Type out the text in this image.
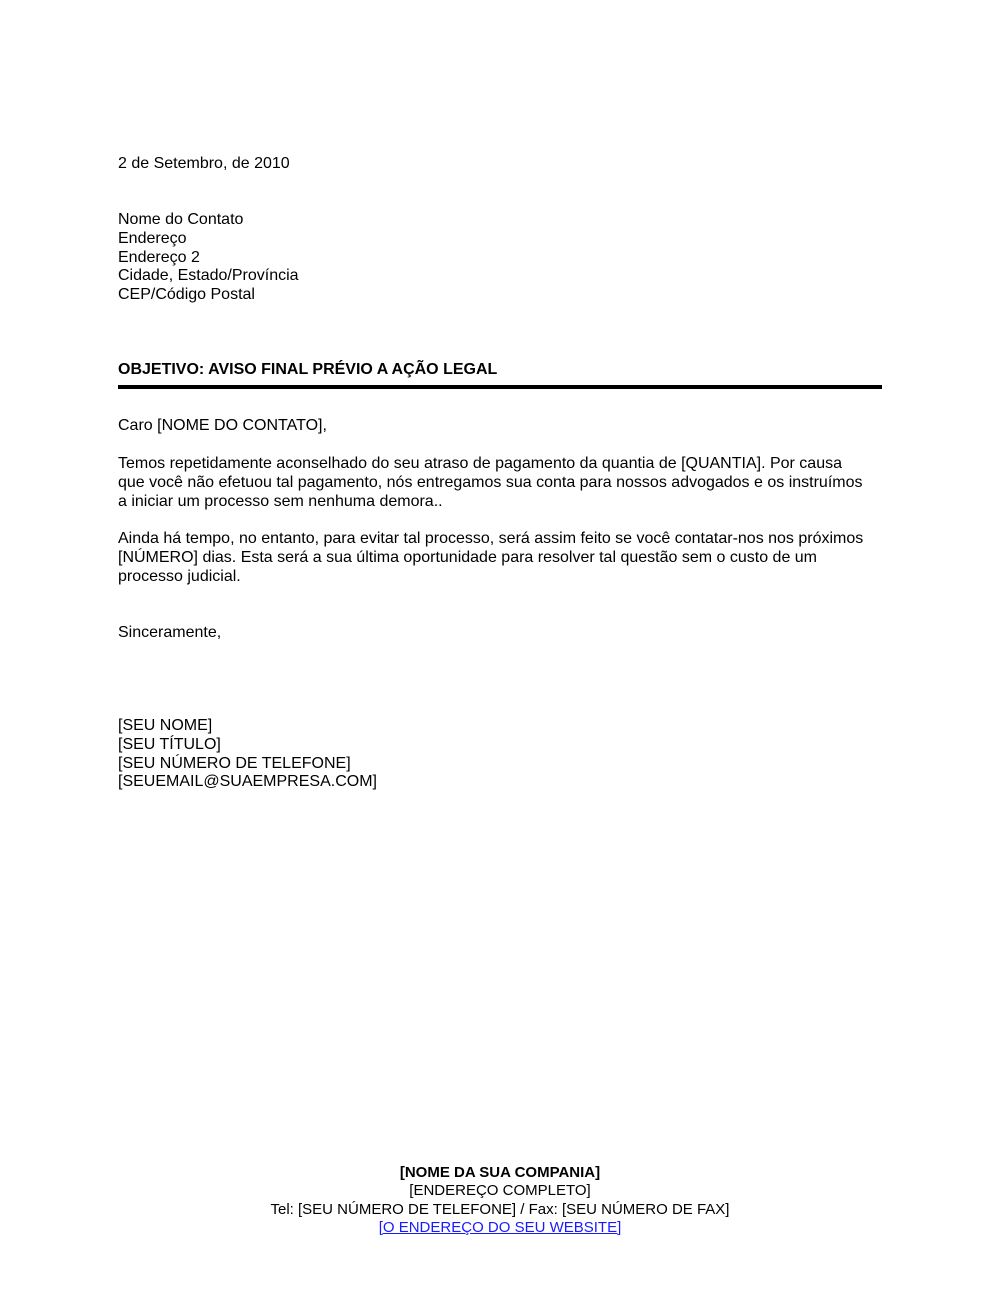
2 de Setembro, de 2010
Nome do Contato
Endereço
Endereço 2
Cidade, Estado/Província
CEP/Código Postal
OBJETIVO: AVISO FINAL PRÉVIO A AÇÃO LEGAL
Caro [NOME DO CONTATO],
Temos repetidamente aconselhado do seu atraso de pagamento da quantia de [QUANTIA]. Por causa
que você não efetuou tal pagamento, nós entregamos sua conta para nossos advogados e os instruímos
a iniciar um processo sem nenhuma demora..
Ainda há tempo, no entanto, para evitar tal processo, será assim feito se você contatar-nos nos próximos
[NÚMERO] dias. Esta será a sua última oportunidade para resolver tal questão sem o custo de um
processo judicial.
Sinceramente,
[SEU NOME]
[SEU TÍTULO]
[SEU NÚMERO DE TELEFONE]
[SEUEMAIL@SUAEMPRESA.COM]
[NOME DA SUA COMPANIA]
[ENDEREÇO COMPLETO]
Tel: [SEU NÚMERO DE TELEFONE] / Fax: [SEU NÚMERO DE FAX]
[O ENDEREÇO DO SEU WEBSITE]
